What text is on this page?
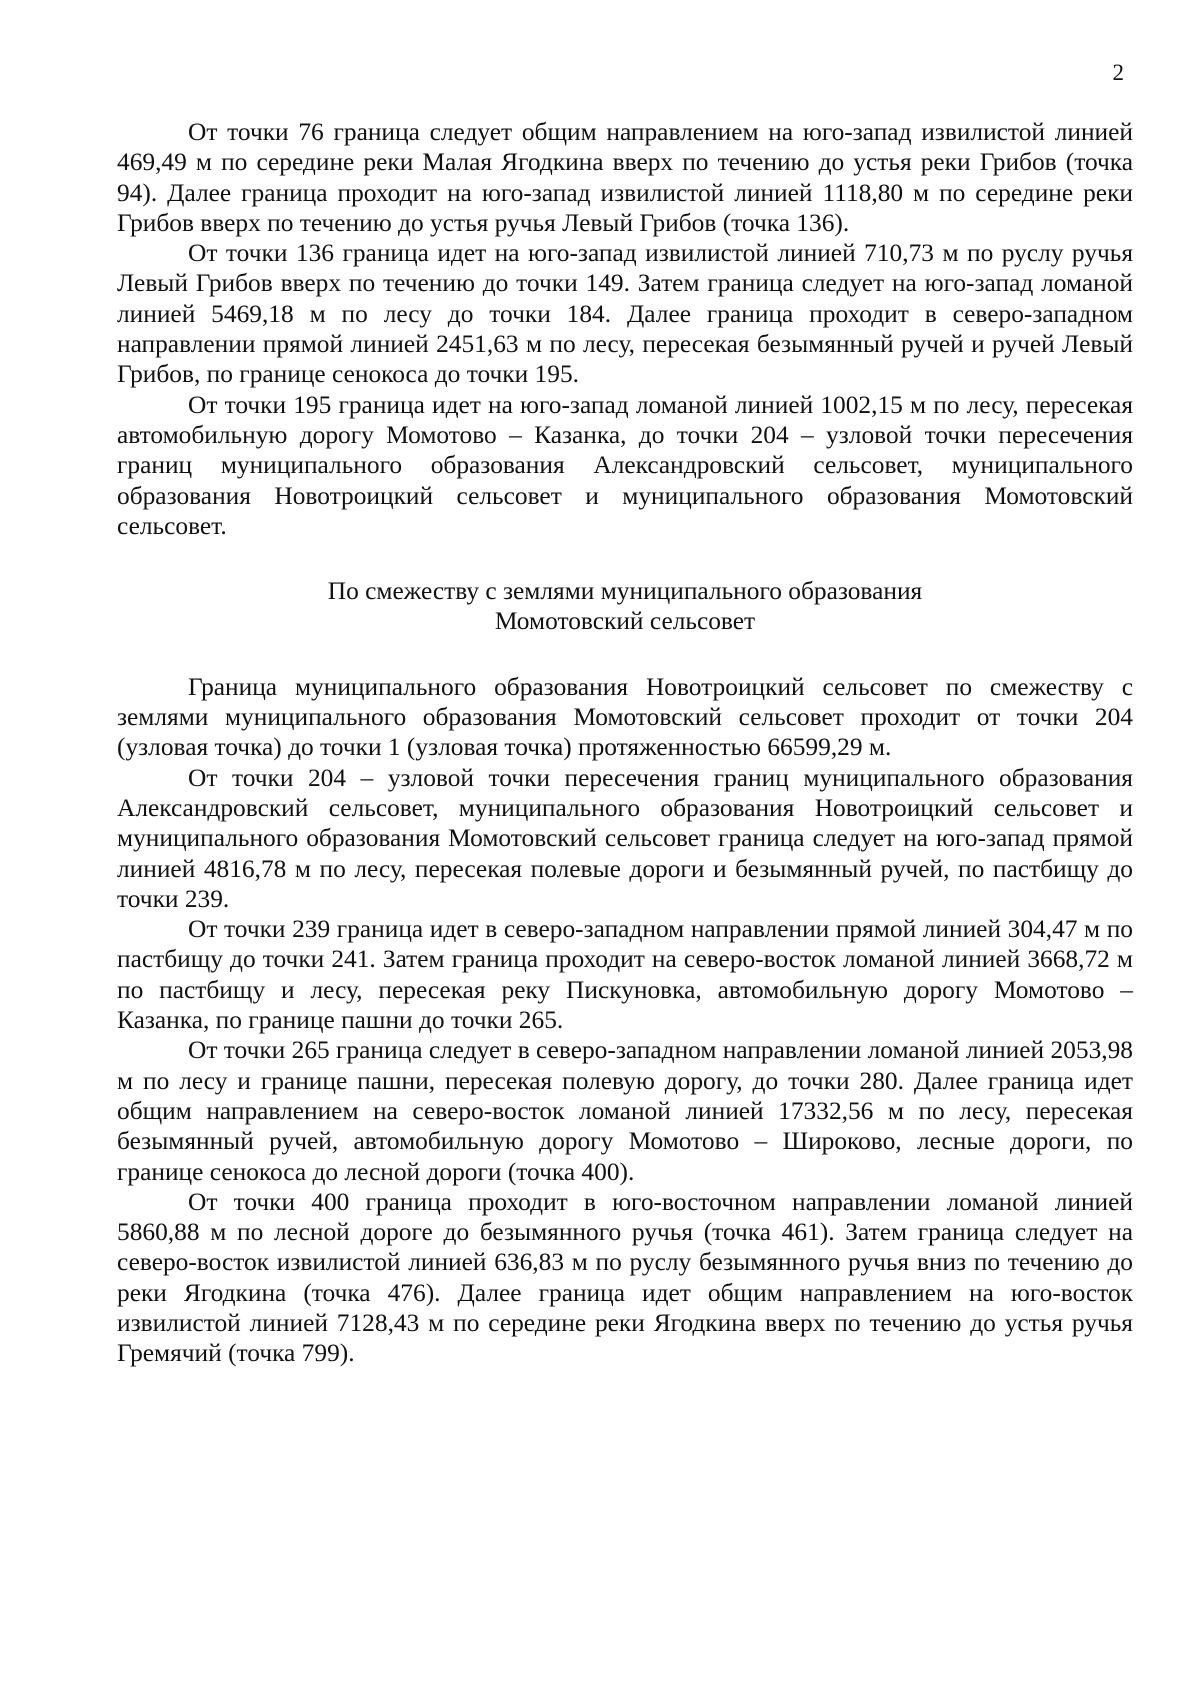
2

От точки 76 граница следует общим направлением на юго-запад извилистой линией 469,49 м по середине реки Малая Ягодкина вверх по течению до устья реки Грибов (точка 94). Далее граница проходит на юго-запад извилистой линией 1118,80 м по середине реки Грибов вверх по течению до устья ручья Левый Грибов (точка 136).

От точки 136 граница идет на юго-запад извилистой линией 710,73 м по руслу ручья Левый Грибов вверх по течению до точки 149. Затем граница следует на юго-запад ломаной линией 5469,18 м по лесу до точки 184. Далее граница проходит в северо-западном направлении прямой линией 2451,63 м по лесу, пересекая безымянный ручей и ручей Левый Грибов, по границе сенокоса до точки 195.

От точки 195 граница идет на юго-запад ломаной линией 1002,15 м по лесу, пересекая автомобильную дорогу Момотово – Казанка, до точки 204 – узловой точки пересечения границ муниципального образования Александровский сельсовет, муниципального образования Новотроицкий сельсовет и муниципального образования Момотовский сельсовет.

По смежеству с землями муниципального образования
Момотовский сельсовет

Граница муниципального образования Новотроицкий сельсовет по смежеству с землями муниципального образования Момотовский сельсовет проходит от точки 204 (узловая точка) до точки 1 (узловая точка) протяженностью 66599,29 м.

От точки 204 – узловой точки пересечения границ муниципального образования Александровский сельсовет, муниципального образования Новотроицкий сельсовет и муниципального образования Момотовский сельсовет граница следует на юго-запад прямой линией 4816,78 м по лесу, пересекая полевые дороги и безымянный ручей, по пастбищу до точки 239.

От точки 239 граница идет в северо-западном направлении прямой линией 304,47 м по пастбищу до точки 241. Затем граница проходит на северо-восток ломаной линией 3668,72 м по пастбищу и лесу, пересекая реку Пискуновка, автомобильную дорогу Момотово – Казанка, по границе пашни до точки 265.

От точки 265 граница следует в северо-западном направлении ломаной линией 2053,98 м по лесу и границе пашни, пересекая полевую дорогу, до точки 280. Далее граница идет общим направлением на северо-восток ломаной линией 17332,56 м по лесу, пересекая безымянный ручей, автомобильную дорогу Момотово – Широково, лесные дороги, по границе сенокоса до лесной дороги (точка 400).

От точки 400 граница проходит в юго-восточном направлении ломаной линией 5860,88 м по лесной дороге до безымянного ручья (точка 461). Затем граница следует на северо-восток извилистой линией 636,83 м по руслу безымянного ручья вниз по течению до реки Ягодкина (точка 476). Далее граница идет общим направлением на юго-восток извилистой линией 7128,43 м по середине реки Ягодкина вверх по течению до устья ручья Гремячий (точка 799).
